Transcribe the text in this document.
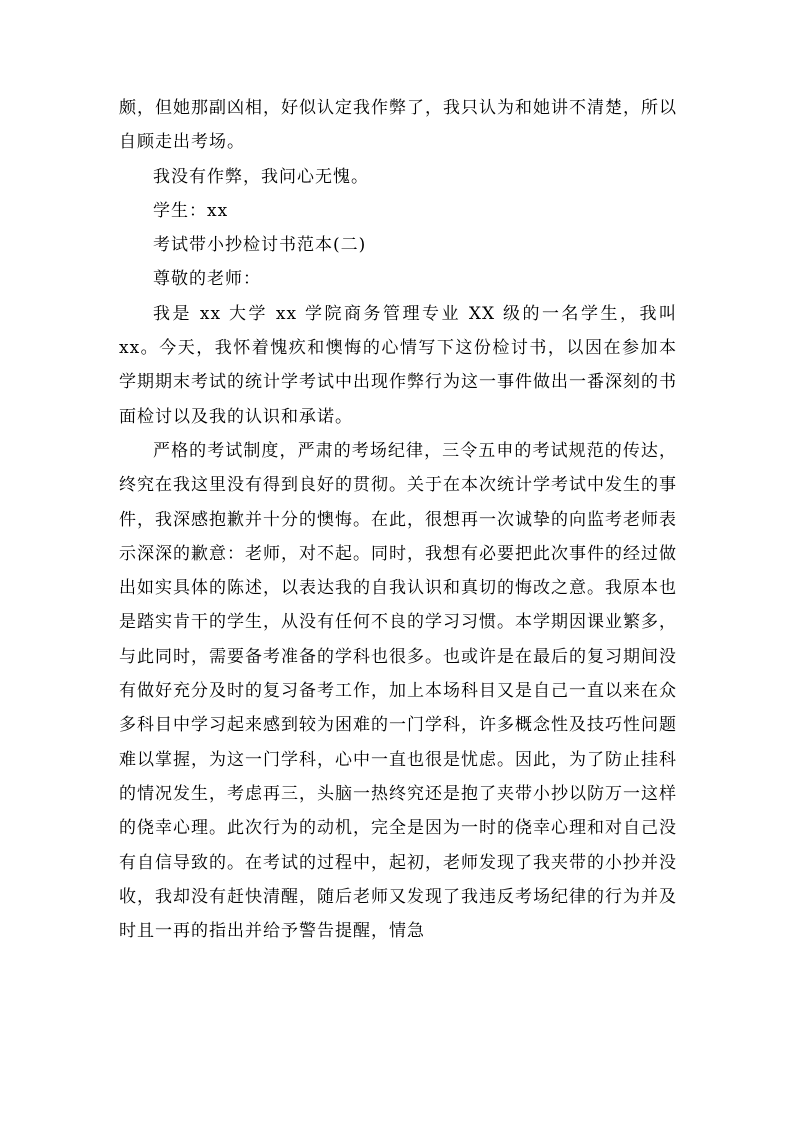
颇，但她那副凶相，好似认定我作弊了，我只认为和她讲不清楚，所以自顾走出考场。

我没有作弊，我问心无愧。

学生：xx

考试带小抄检讨书范本(二)

尊敬的老师：

我是 xx 大学 xx 学院商务管理专业 XX 级的一名学生，我叫 xx。今天，我怀着愧疚和懊悔的心情写下这份检讨书，以因在参加本学期期末考试的统计学考试中出现作弊行为这一事件做出一番深刻的书面检讨以及我的认识和承诺。

严格的考试制度，严肃的考场纪律，三令五申的考试规范的传达，终究在我这里没有得到良好的贯彻。关于在本次统计学考试中发生的事件，我深感抱歉并十分的懊悔。在此，很想再一次诚挚的向监考老师表示深深的歉意：老师，对不起。同时，我想有必要把此次事件的经过做出如实具体的陈述，以表达我的自我认识和真切的悔改之意。我原本也是踏实肯干的学生，从没有任何不良的学习习惯。本学期因课业繁多，与此同时，需要备考准备的学科也很多。也或许是在最后的复习期间没有做好充分及时的复习备考工作，加上本场科目又是自己一直以来在众多科目中学习起来感到较为困难的一门学科，许多概念性及技巧性问题难以掌握，为这一门学科，心中一直也很是忧虑。因此，为了防止挂科的情况发生，考虑再三，头脑一热终究还是抱了夹带小抄以防万一这样的侥幸心理。此次行为的动机，完全是因为一时的侥幸心理和对自己没有自信导致的。在考试的过程中，起初，老师发现了我夹带的小抄并没收，我却没有赶快清醒，随后老师又发现了我违反考场纪律的行为并及时且一再的指出并给予警告提醒，情急
